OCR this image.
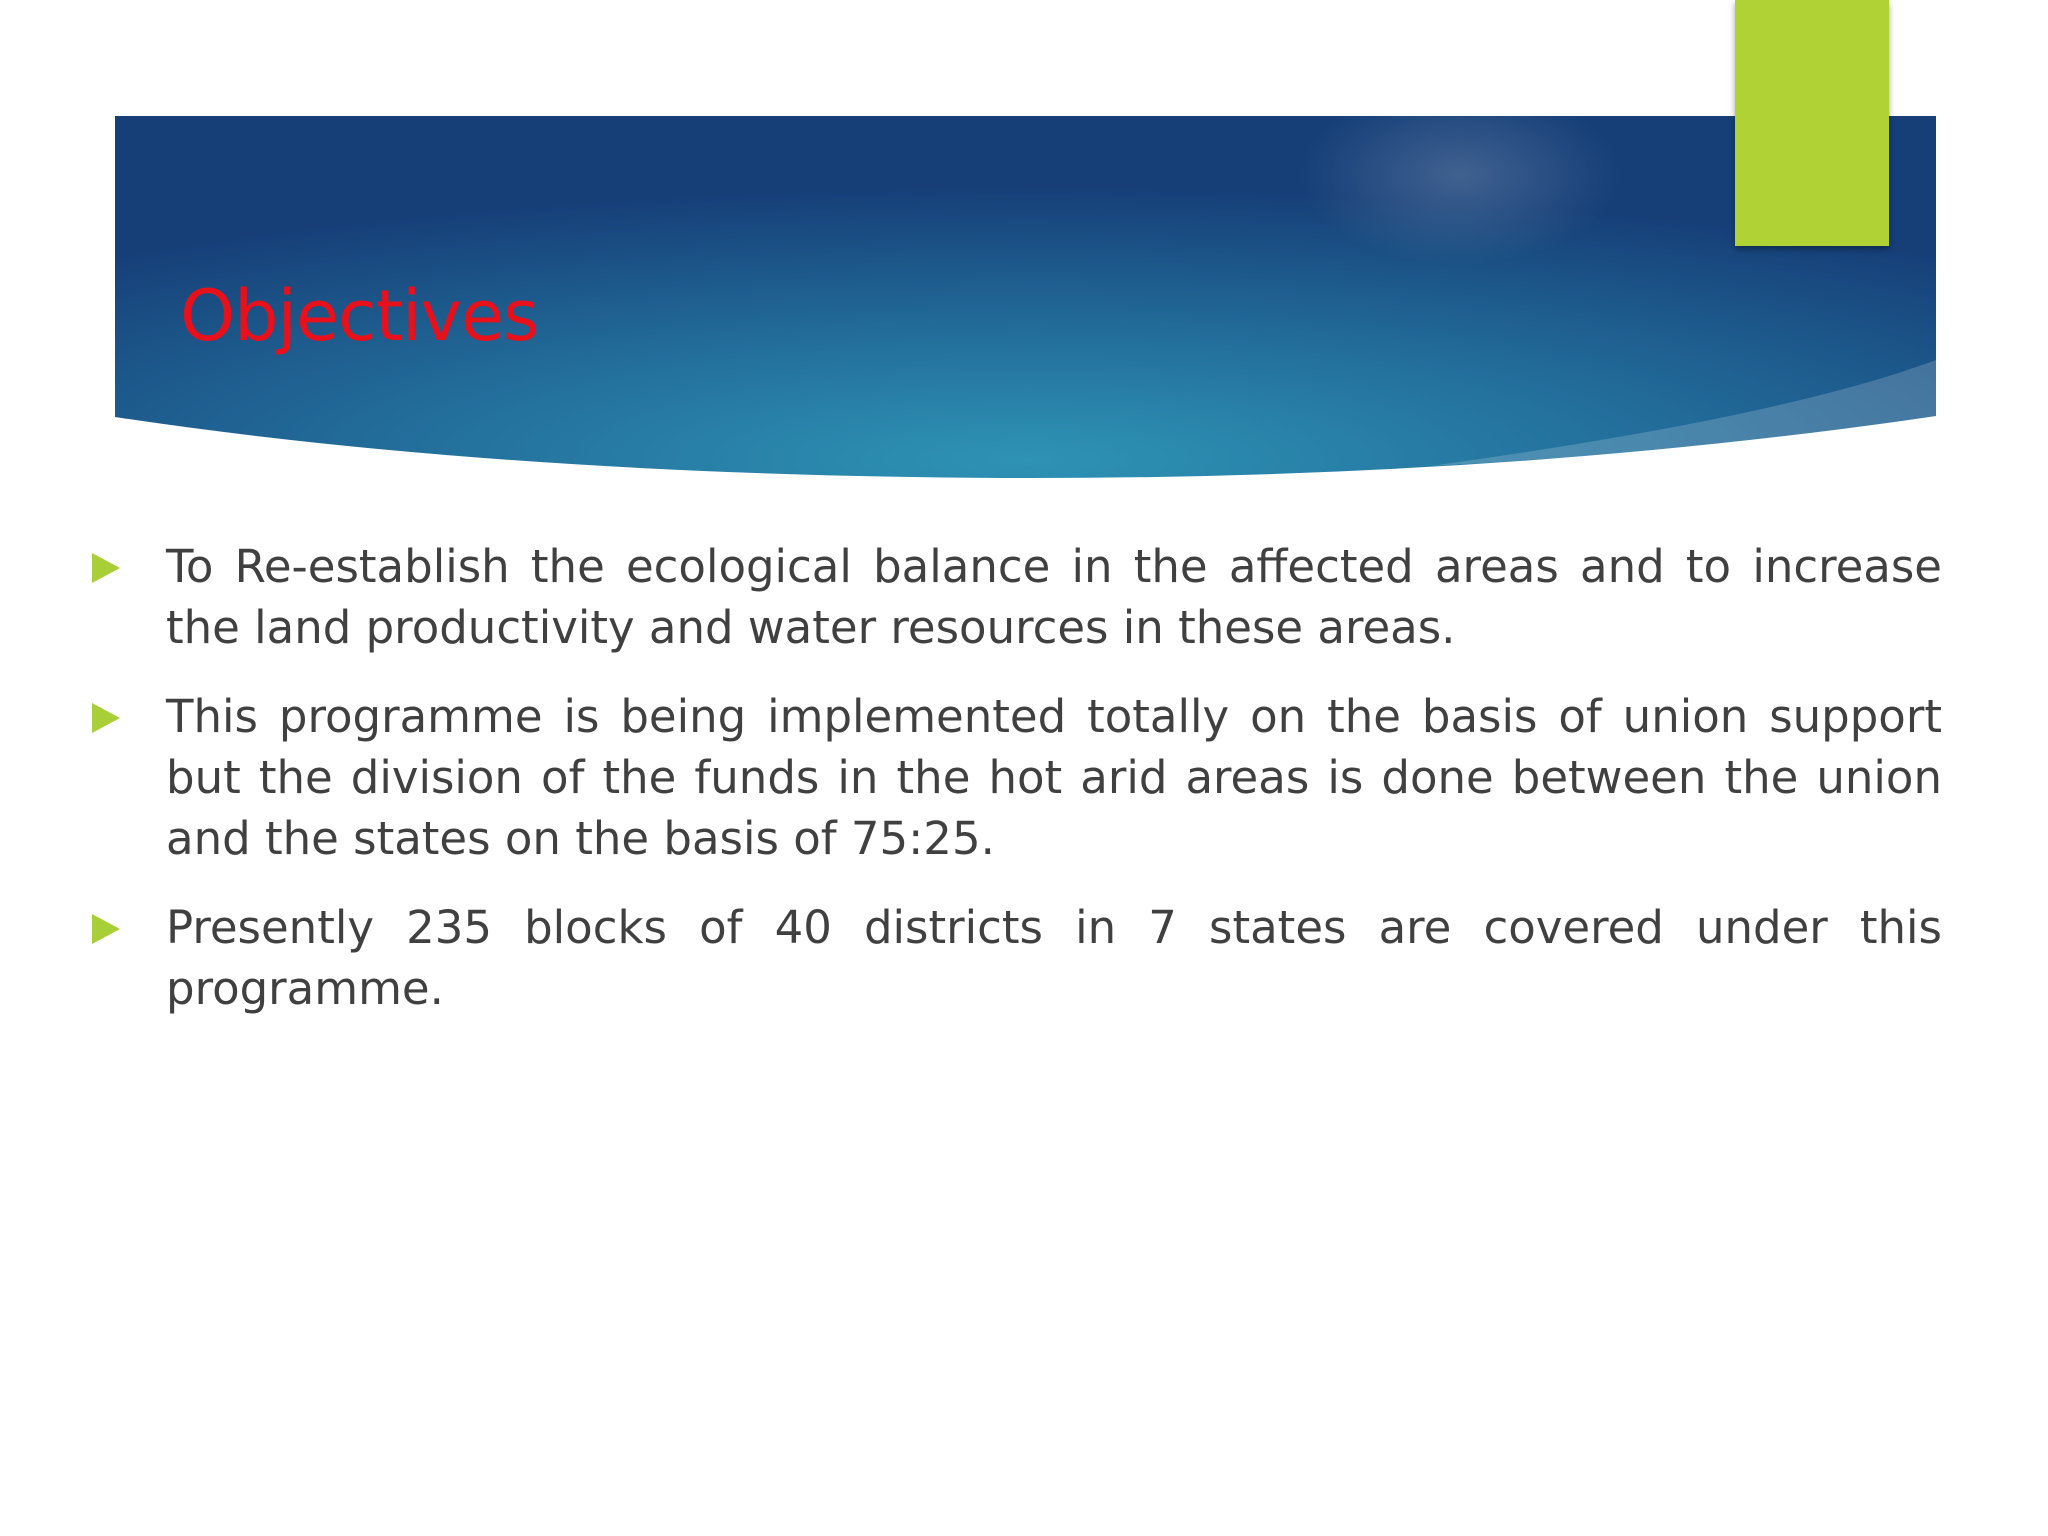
Objectives
To Re-establish the ecological balance in the affected areas and to increase the land productivity and water resources in these areas.
This programme is being implemented totally on the basis of union support but the division of the funds in the hot arid areas is done between the union and the states on the basis of 75:25.
Presently 235 blocks of 40 districts in 7 states are covered under this programme.
